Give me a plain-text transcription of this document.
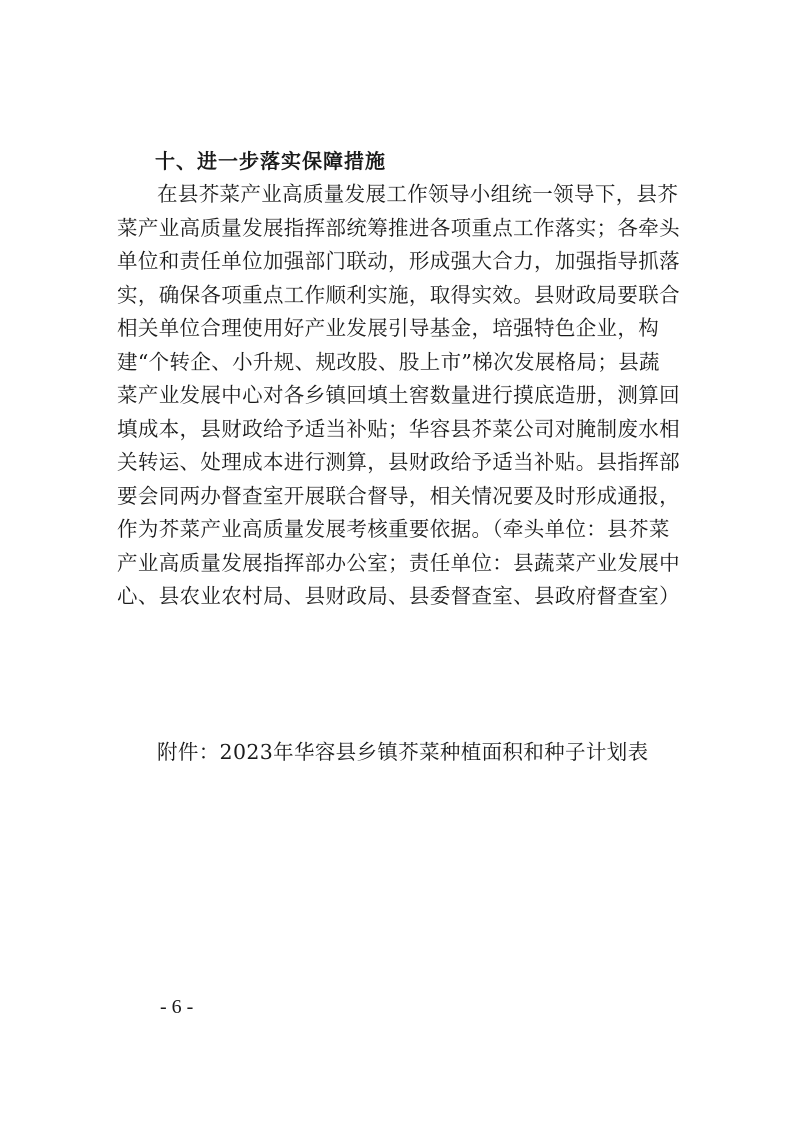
十、进一步落实保障措施
在县芥菜产业高质量发展工作领导小组统一领导下，县芥
菜产业高质量发展指挥部统筹推进各项重点工作落实；各牵头
单位和责任单位加强部门联动，形成强大合力，加强指导抓落
实，确保各项重点工作顺利实施，取得实效。县财政局要联合
相关单位合理使用好产业发展引导基金，培强特色企业，构
建“个转企、小升规、规改股、股上市”梯次发展格局；县蔬
菜产业发展中心对各乡镇回填土窖数量进行摸底造册，测算回
填成本，县财政给予适当补贴；华容县芥菜公司对腌制废水相
关转运、处理成本进行测算，县财政给予适当补贴。县指挥部
要会同两办督查室开展联合督导，相关情况要及时形成通报，
作为芥菜产业高质量发展考核重要依据。（牵头单位：县芥菜
产业高质量发展指挥部办公室；责任单位：县蔬菜产业发展中
心、县农业农村局、县财政局、县委督查室、县政府督查室）
附件：2023年华容县乡镇芥菜种植面积和种子计划表
- 6 -
